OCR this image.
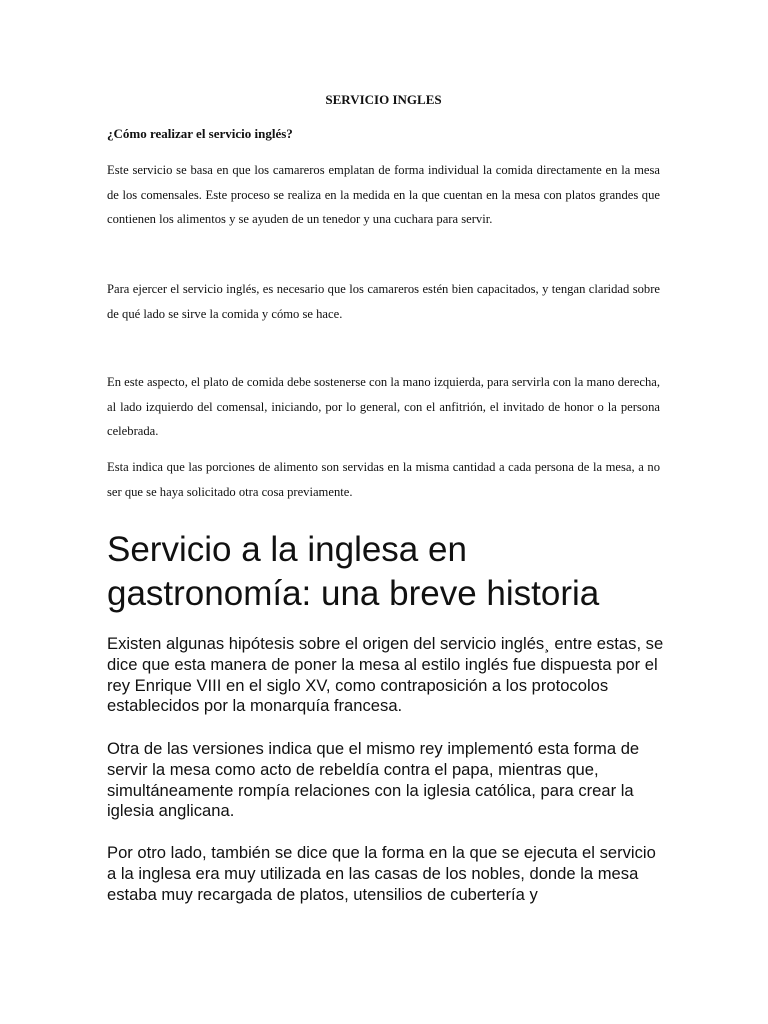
SERVICIO INGLES
¿Cómo realizar el servicio inglés?

Este servicio se basa en que los camareros emplatan de forma individual la comida directamente en la mesa de los comensales. Este proceso se realiza en la medida en la que cuentan en la mesa con platos grandes que contienen los alimentos y se ayuden de un tenedor y una cuchara para servir.

Para ejercer el servicio inglés, es necesario que los camareros estén bien capacitados, y tengan claridad sobre de qué lado se sirve la comida y cómo se hace.

En este aspecto, el plato de comida debe sostenerse con la mano izquierda, para servirla con la mano derecha, al lado izquierdo del comensal, iniciando, por lo general, con el anfitrión, el invitado de honor o la persona celebrada.

Esta indica que las porciones de alimento son servidas en la misma cantidad a cada persona de la mesa, a no ser que se haya solicitado otra cosa previamente.

Servicio a la inglesa en gastronomía: una breve historia

Existen algunas hipótesis sobre el origen del servicio inglés¸ entre estas, se dice que esta manera de poner la mesa al estilo inglés fue dispuesta por el rey Enrique VIII en el siglo XV, como contraposición a los protocolos establecidos por la monarquía francesa.

Otra de las versiones indica que el mismo rey implementó esta forma de servir la mesa como acto de rebeldía contra el papa, mientras que, simultáneamente rompía relaciones con la iglesia católica, para crear la iglesia anglicana.

Por otro lado, también se dice que la forma en la que se ejecuta el servicio a la inglesa era muy utilizada en las casas de los nobles, donde la mesa estaba muy recargada de platos, utensilios de cubertería y
